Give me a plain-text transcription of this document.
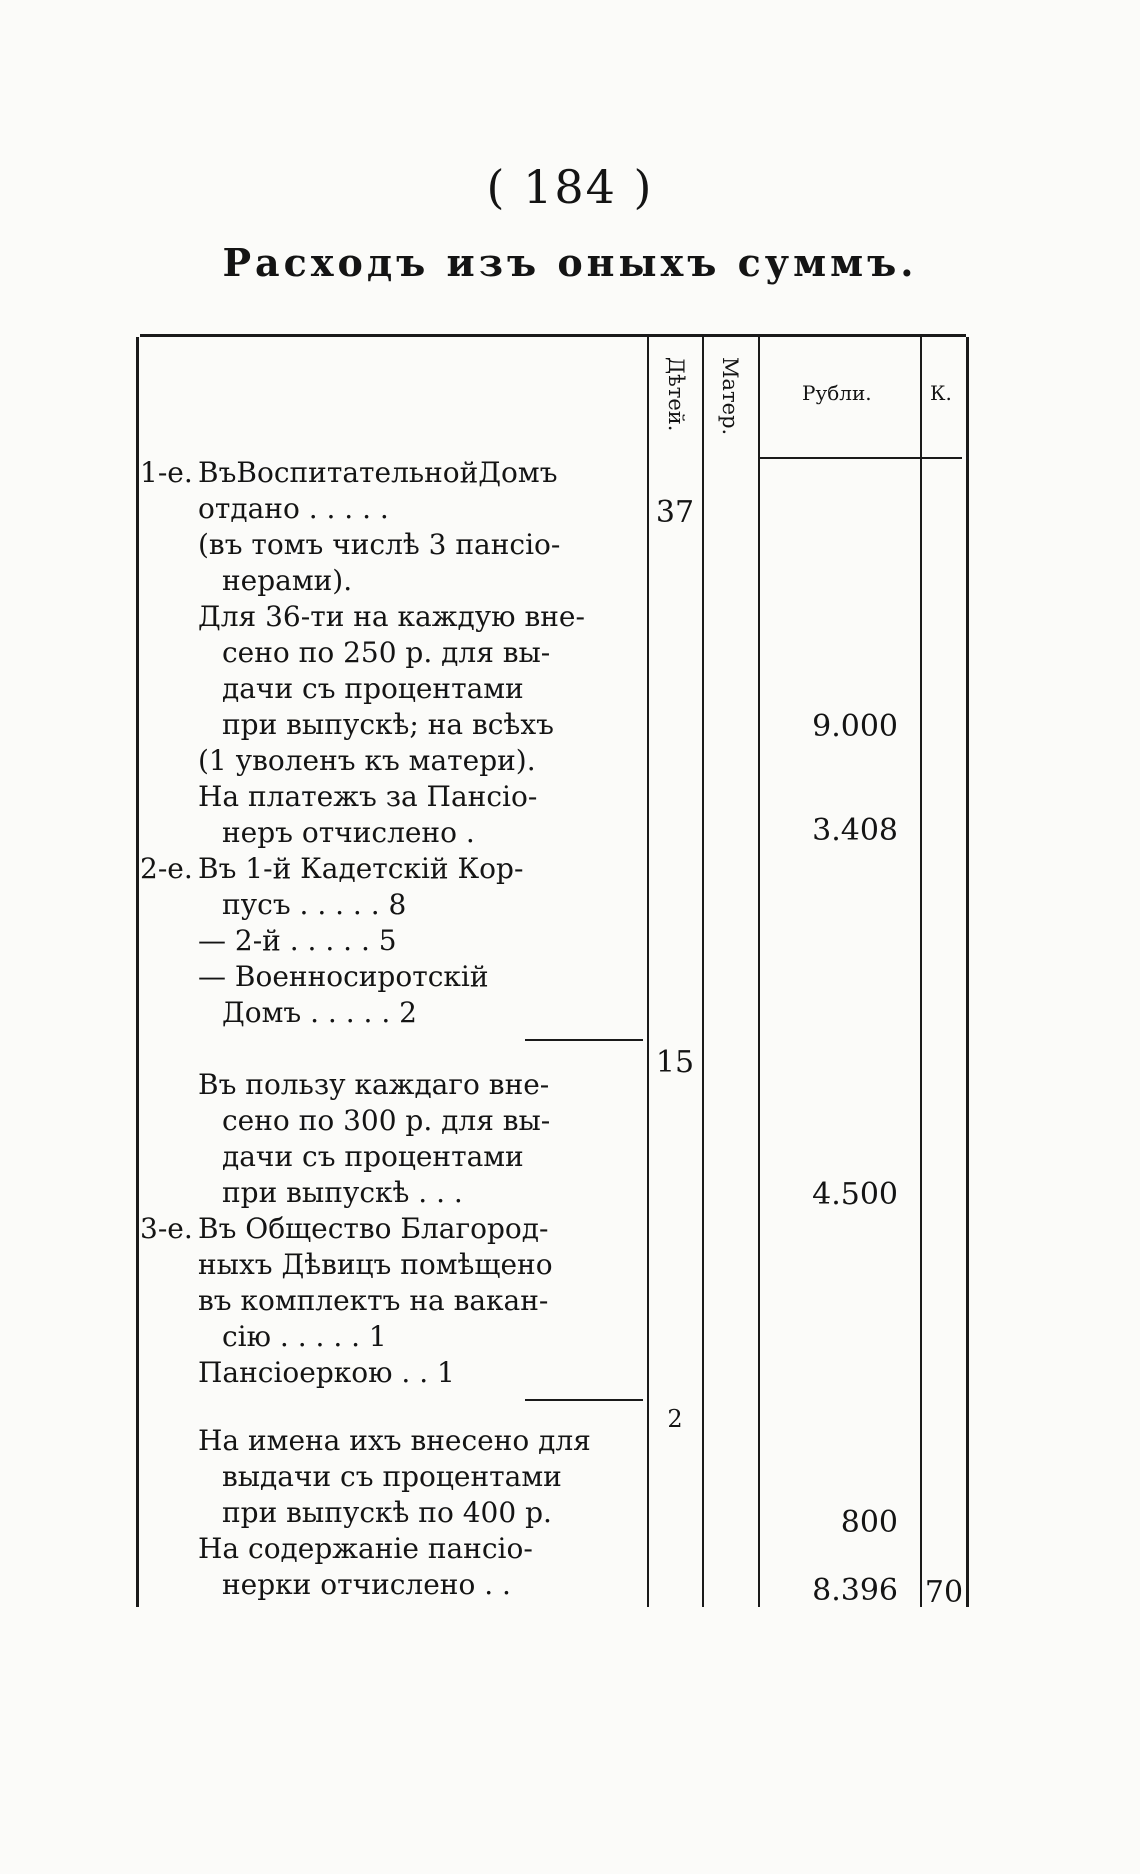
( 184 )
Расходъ изъ оныхъ суммъ.
Дѣтей. Матер.	Рубли.	К.
1-е.
2-е.
3-е.
ВъВоспитательнойДомъ
отдано . . . . .
(въ томъ числѣ 3 пансіо-
нерами).
Для 36-ти на каждую вне-
сено по 250 р. для вы-
дачи съ процентами
при выпускѣ; на всѣхъ
(1 уволенъ къ матери).
На платежъ за Пансіо-
неръ отчислено .
Въ 1-й Кадетскій Кор-
пусъ . . . . . 8
— 2-й . . . . . 5
— Военносиротскій
Домъ . . . . . 2
Въ пользу каждаго вне-
сено по 300 р. для вы-
дачи съ процентами
при выпускѣ . . .
Въ Общество Благород-
ныхъ Дѣвицъ помѣщено
въ комплектъ на вакан-
сію . . . . . 1
Пансіоеркою . . 1
На имена ихъ внесено для
выдачи съ процентами
при выпускѣ по 400 р.
На содержаніе пансіо-
нерки отчислено . .
37
9.000
3.408
15
4.500
2
800
8.396 70
